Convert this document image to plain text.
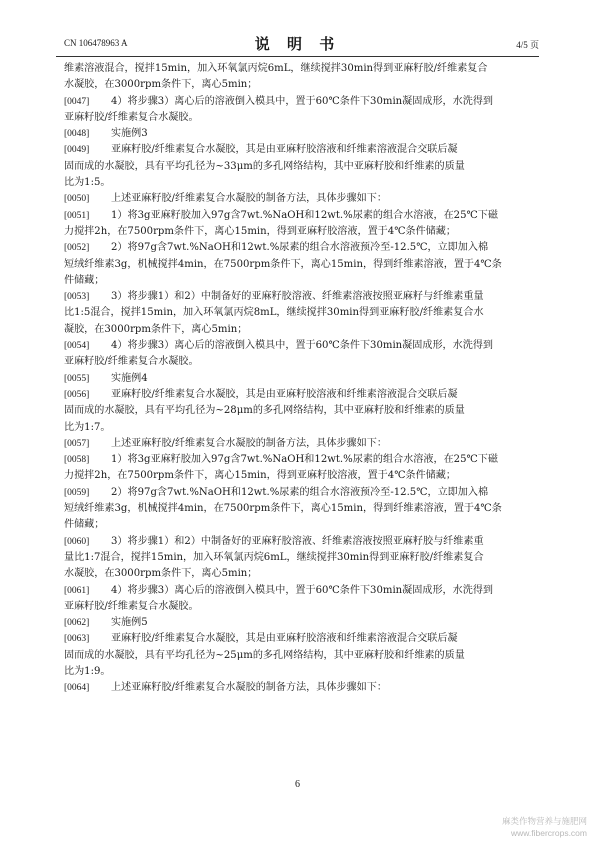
CN 106478963 A	说 明 书	4/5 页
维素溶液混合，搅拌15min，加入环氧氯丙烷6mL，继续搅拌30min得到亚麻籽胶/纤维素复合
水凝胶，在3000rpm条件下，离心5min；
[0047] 4）将步骤3）离心后的溶液倒入模具中，置于60℃条件下30min凝固成形，水洗得到
亚麻籽胶/纤维素复合水凝胶。
[0048] 实施例3
[0049] 亚麻籽胶/纤维素复合水凝胶，其是由亚麻籽胶溶液和纤维素溶液混合交联后凝
固而成的水凝胶，具有平均孔径为~33μm的多孔网络结构，其中亚麻籽胶和纤维素的质量
比为1:5。
[0050] 上述亚麻籽胶/纤维素复合水凝胶的制备方法，具体步骤如下：
[0051] 1）将3g亚麻籽胶加入97g含7wt.%NaOH和12wt.%尿素的组合水溶液，在25℃下磁
力搅拌2h，在7500rpm条件下，离心15min，得到亚麻籽胶溶液，置于4℃条件储藏；
[0052] 2）将97g含7wt.%NaOH和12wt.%尿素的组合水溶液预冷至-12.5℃，立即加入棉
短绒纤维素3g，机械搅拌4min，在7500rpm条件下，离心15min，得到纤维素溶液，置于4℃条
件储藏；
[0053] 3）将步骤1）和2）中制备好的亚麻籽胶溶液、纤维素溶液按照亚麻籽与纤维素重量
比1:5混合，搅拌15min，加入环氧氯丙烷8mL，继续搅拌30min得到亚麻籽胶/纤维素复合水
凝胶，在3000rpm条件下，离心5min；
[0054] 4）将步骤3）离心后的溶液倒入模具中，置于60℃条件下30min凝固成形，水洗得到
亚麻籽胶/纤维素复合水凝胶。
[0055] 实施例4
[0056] 亚麻籽胶/纤维素复合水凝胶，其是由亚麻籽胶溶液和纤维素溶液混合交联后凝
固而成的水凝胶，具有平均孔径为~28μm的多孔网络结构，其中亚麻籽胶和纤维素的质量
比为1:7。
[0057] 上述亚麻籽胶/纤维素复合水凝胶的制备方法，具体步骤如下：
[0058] 1）将3g亚麻籽胶加入97g含7wt.%NaOH和12wt.%尿素的组合水溶液，在25℃下磁
力搅拌2h，在7500rpm条件下，离心15min，得到亚麻籽胶溶液，置于4℃条件储藏；
[0059] 2）将97g含7wt.%NaOH和12wt.%尿素的组合水溶液预冷至-12.5℃，立即加入棉
短绒纤维素3g，机械搅拌4min，在7500rpm条件下，离心15min，得到纤维素溶液，置于4℃条
件储藏；
[0060] 3）将步骤1）和2）中制备好的亚麻籽胶溶液、纤维素溶液按照亚麻籽胶与纤维素重
量比1:7混合，搅拌15min，加入环氧氯丙烷6mL，继续搅拌30min得到亚麻籽胶/纤维素复合
水凝胶，在3000rpm条件下，离心5min；
[0061] 4）将步骤3）离心后的溶液倒入模具中，置于60℃条件下30min凝固成形，水洗得到
亚麻籽胶/纤维素复合水凝胶。
[0062] 实施例5
[0063] 亚麻籽胶/纤维素复合水凝胶，其是由亚麻籽胶溶液和纤维素溶液混合交联后凝
固而成的水凝胶，具有平均孔径为~25μm的多孔网络结构，其中亚麻籽胶和纤维素的质量
比为1:9。
[0064] 上述亚麻籽胶/纤维素复合水凝胶的制备方法，具体步骤如下：
6
麻类作物营养与施肥网
www.fibercrops.com
